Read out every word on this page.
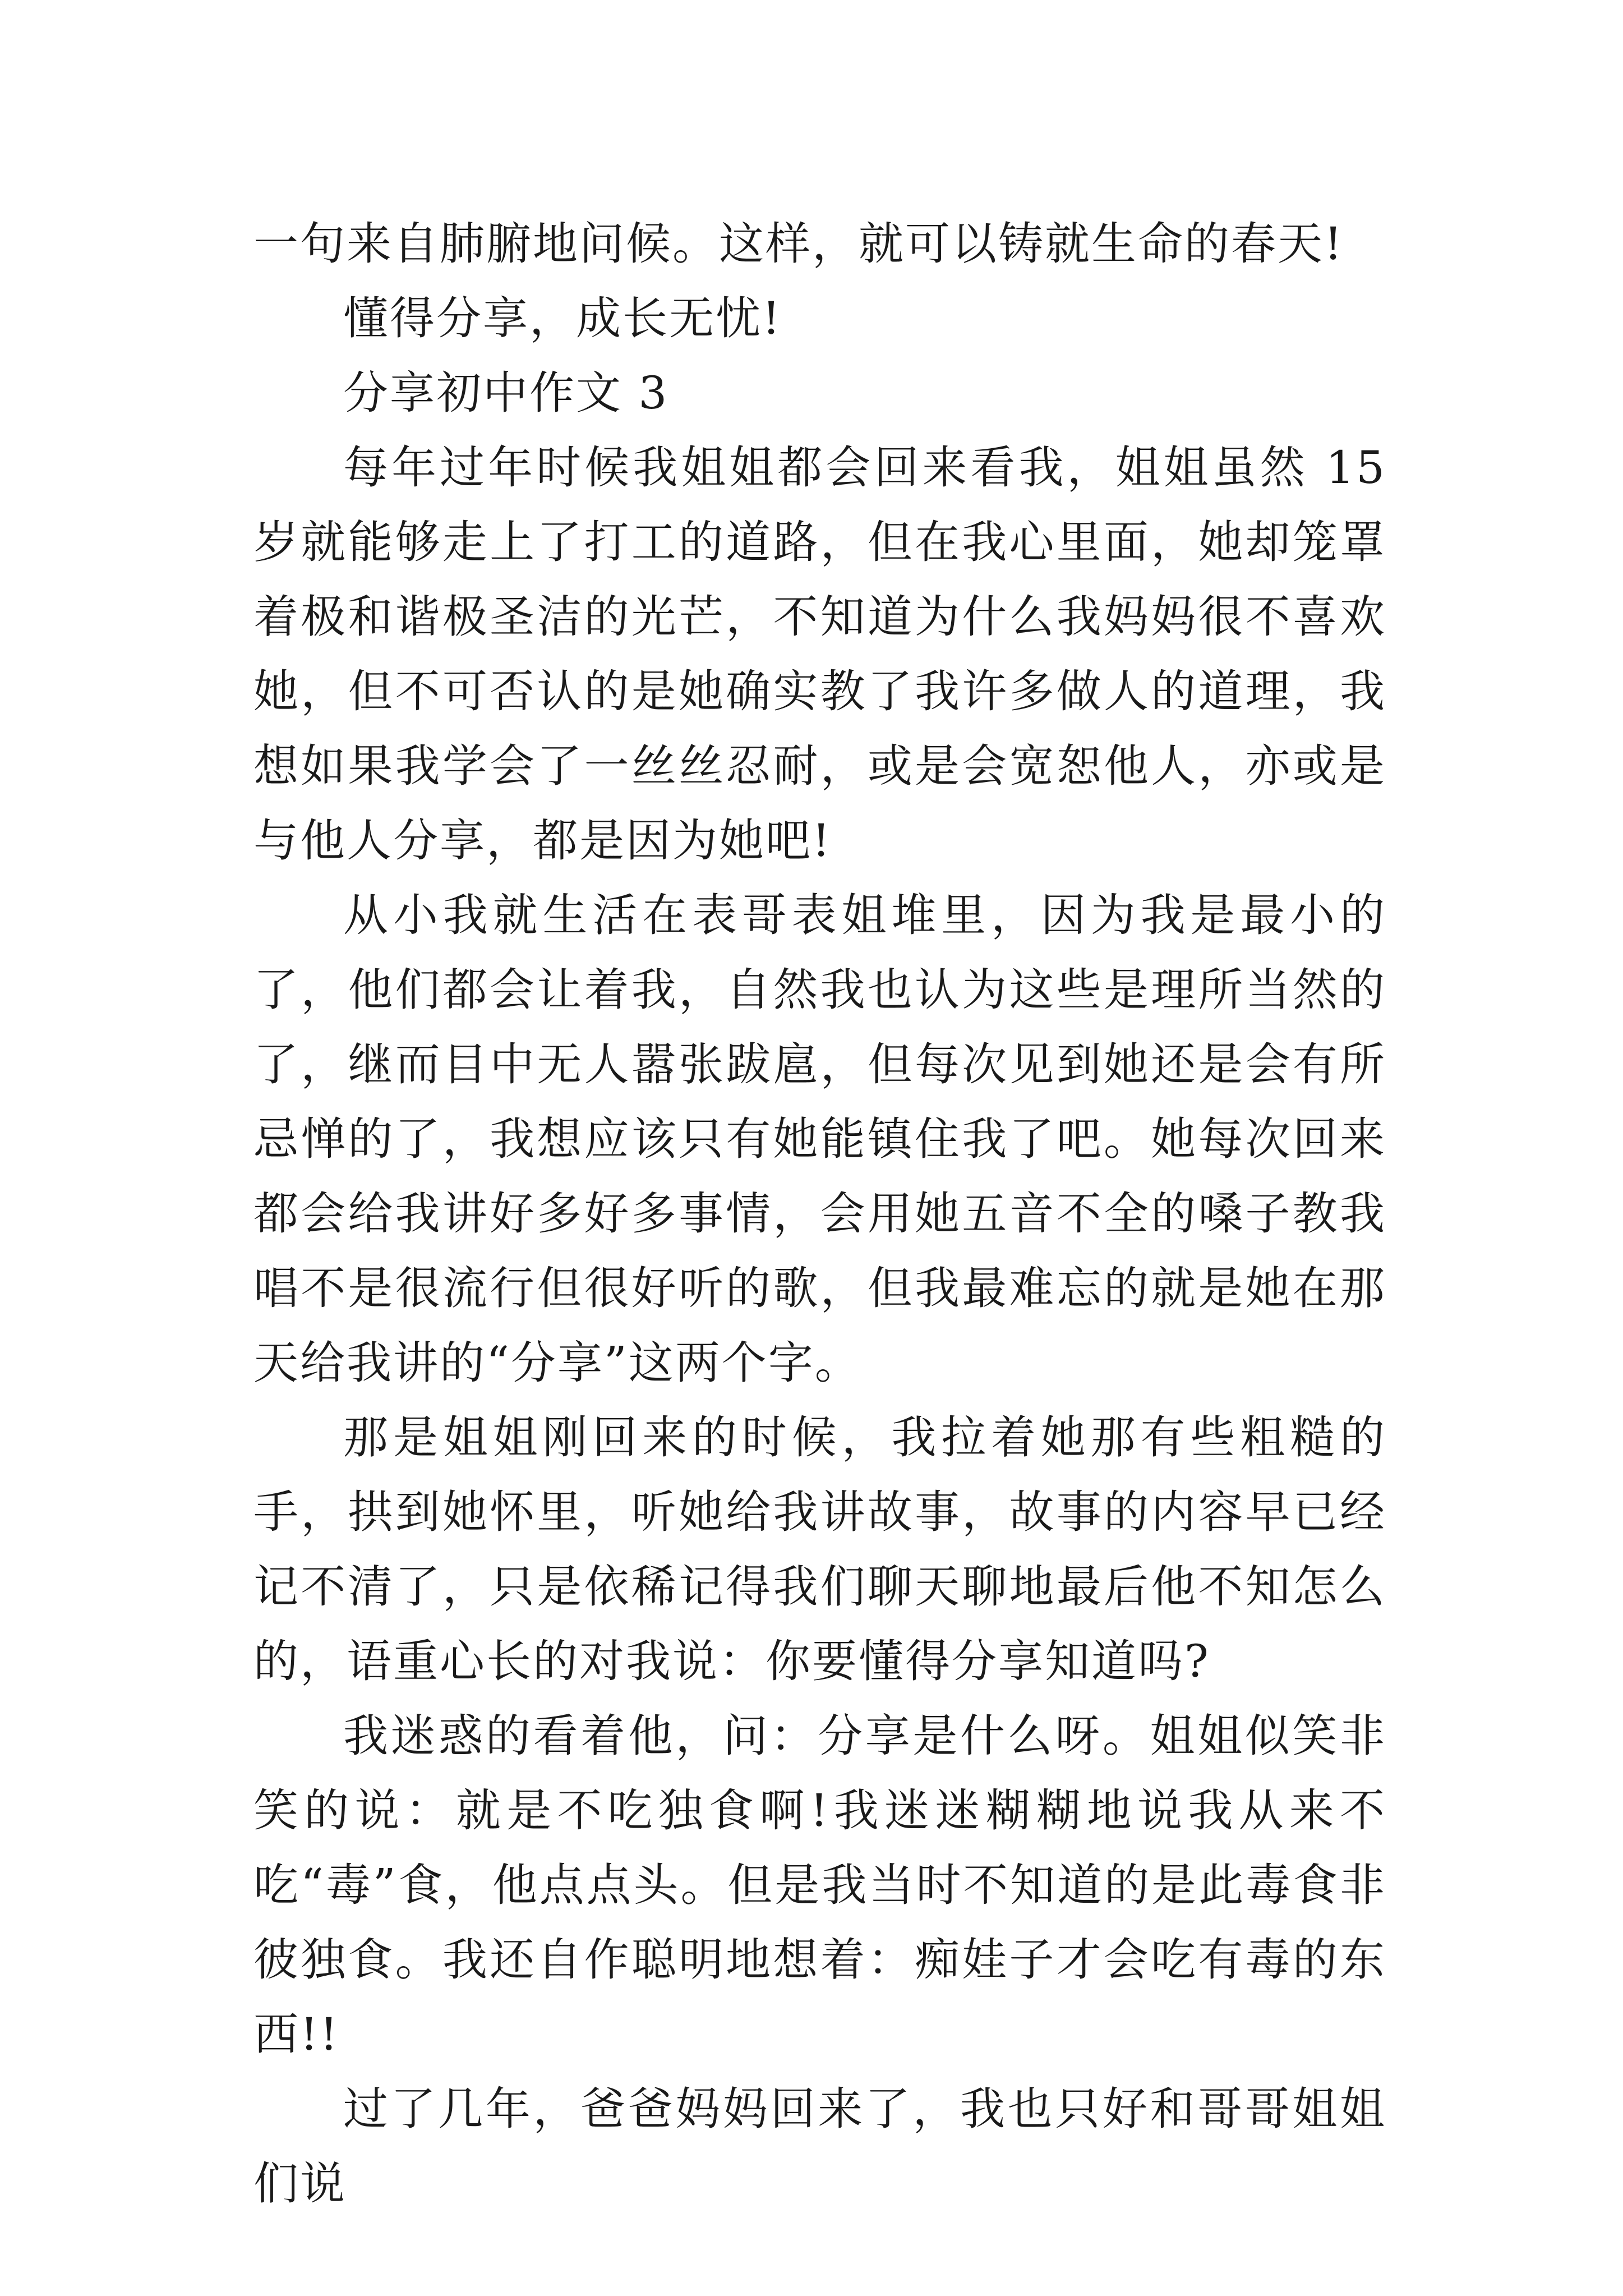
一句来自肺腑地问候。这样，就可以铸就生命的春天!

懂得分享，成长无忧!

分享初中作文 3

每年过年时候我姐姐都会回来看我，姐姐虽然 15 岁就能够走上了打工的道路，但在我心里面，她却笼罩着极和谐极圣洁的光芒，不知道为什么我妈妈很不喜欢她，但不可否认的是她确实教了我许多做人的道理，我想如果我学会了一丝丝忍耐，或是会宽恕他人，亦或是与他人分享，都是因为她吧!

从小我就生活在表哥表姐堆里，因为我是最小的了，他们都会让着我，自然我也认为这些是理所当然的了，继而目中无人嚣张跋扈，但每次见到她还是会有所忌惮的了，我想应该只有她能镇住我了吧。她每次回来都会给我讲好多好多事情，会用她五音不全的嗓子教我唱不是很流行但很好听的歌，但我最难忘的就是她在那天给我讲的“分享”这两个字。

那是姐姐刚回来的时候，我拉着她那有些粗糙的手，拱到她怀里，听她给我讲故事，故事的内容早已经记不清了，只是依稀记得我们聊天聊地最后他不知怎么的，语重心长的对我说：你要懂得分享知道吗?

我迷惑的看着他，问：分享是什么呀。姐姐似笑非笑的说：就是不吃独食啊!我迷迷糊糊地说我从来不吃“毒”食，他点点头。但是我当时不知道的是此毒食非彼独食。我还自作聪明地想着：痴娃子才会吃有毒的东西!!

过了几年，爸爸妈妈回来了，我也只好和哥哥姐姐们说
